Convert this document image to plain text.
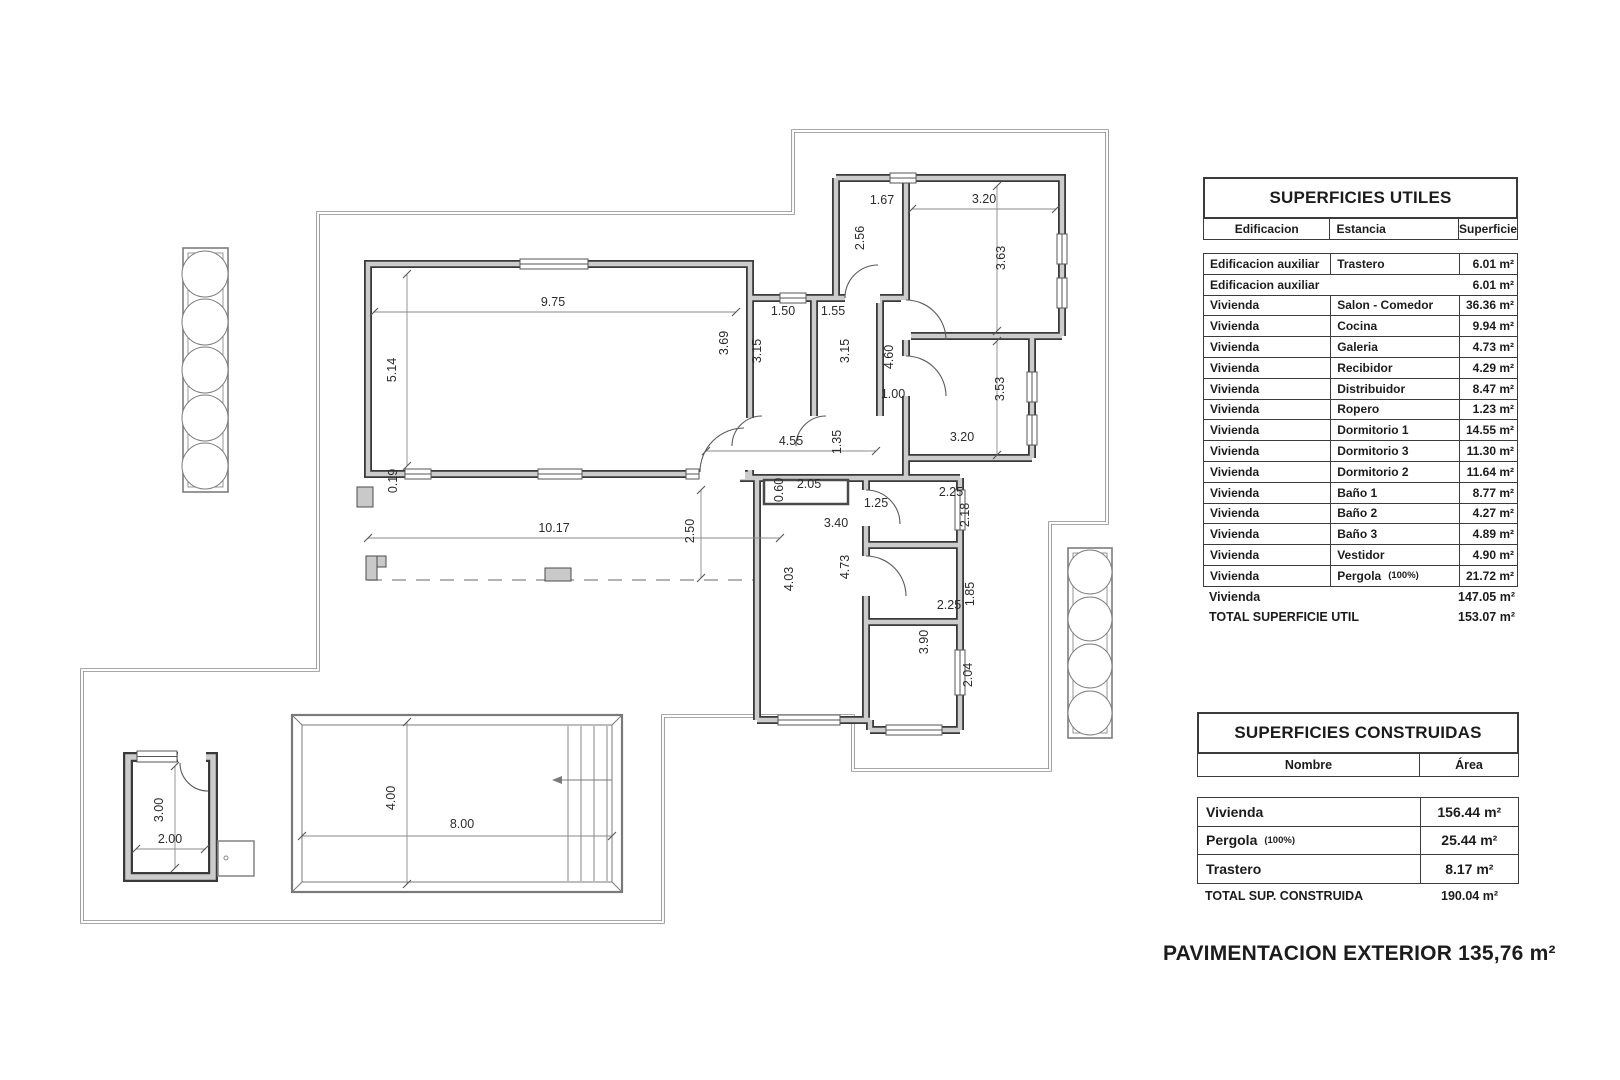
9.75
5.14
0.19
3.69
1.50
3.15
1.55
3.15
1.67
2.56
3.20
3.63
4.60
1.00	3.53
3.20
4.55 1.35
0.60 2.05
1.25
2.25
2.18
3.40
10.17	2.50
4.03	4.73
1.85
2.25
3.90
2.04
3.00
2.00
4.00
8.00
SUPERFICIES UTILES
Edificacion	Estancia	Superficie
Edificacion auxiliar	Trastero	6.01 m²
Edificacion auxiliar	6.01 m²
Vivienda	Salon - Comedor	36.36 m²
Vivienda	Cocina	9.94 m²
Vivienda	Galeria	4.73 m²
Vivienda	Recibidor	4.29 m²
Vivienda	Distribuidor	8.47 m²
Vivienda	Ropero	1.23 m²
Vivienda	Dormitorio 1	14.55 m²
Vivienda	Dormitorio 3	11.30 m²
Vivienda	Dormitorio 2	11.64 m²
Vivienda	Baño 1	8.77 m²
Vivienda	Baño 2	4.27 m²
Vivienda	Baño 3	4.89 m²
Vivienda	Vestidor	4.90 m²
Vivienda	Pergola (100%)	21.72 m²
Vivienda	147.05 m²
TOTAL SUPERFICIE UTIL	153.07 m²
SUPERFICIES CONSTRUIDAS
Nombre	Área
Vivienda	156.44 m²
Pergola (100%)	25.44 m²
Trastero	8.17 m²
TOTAL SUP. CONSTRUIDA	190.04 m²
PAVIMENTACION EXTERIOR 135,76 m²
